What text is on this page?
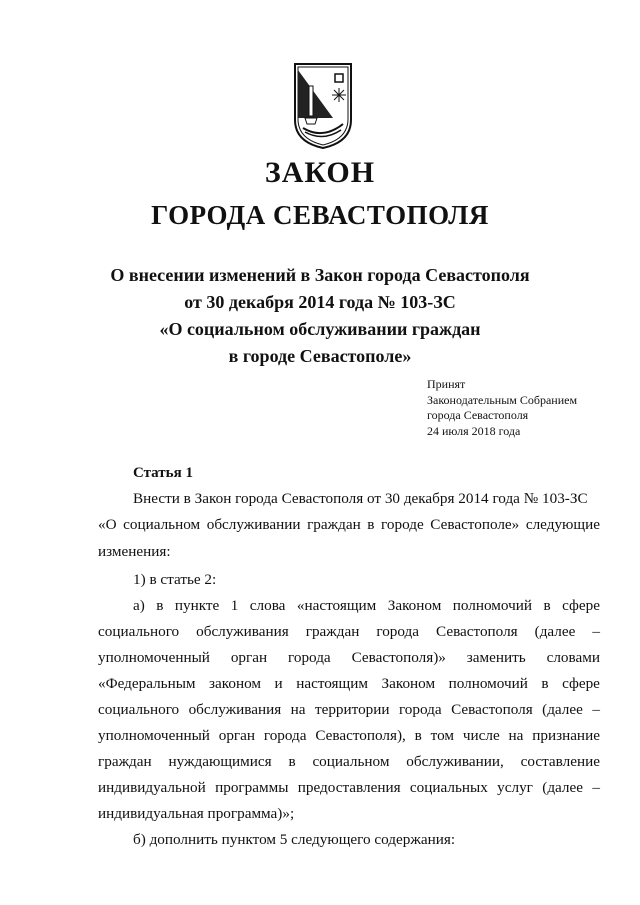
ЗАКОН
ГОРОДА СЕВАСТОПОЛЯ
О внесении изменений в Закон города Севастополя
от 30 декабря 2014 года № 103-ЗС
«О социальном обслуживании граждан
в городе Севастополе»
Принят
Законодательным Собранием
города Севастополя
24 июля 2018 года
Статья 1
Внести в Закон города Севастополя от 30 декабря 2014 года № 103-ЗС
«О социальном обслуживании граждан в городе Севастополе» следующие
изменения:
1) в статье 2:
а) в пункте 1 слова «настоящим Законом полномочий в сфере
социального обслуживания граждан города Севастополя (далее –
уполномоченный орган города Севастополя)» заменить словами
«Федеральным законом и настоящим Законом полномочий в сфере
социального обслуживания на территории города Севастополя (далее –
уполномоченный орган города Севастополя), в том числе на признание
граждан нуждающимися в социальном обслуживании, составление
индивидуальной программы предоставления социальных услуг (далее –
индивидуальная программа)»;
б) дополнить пунктом 5 следующего содержания:
